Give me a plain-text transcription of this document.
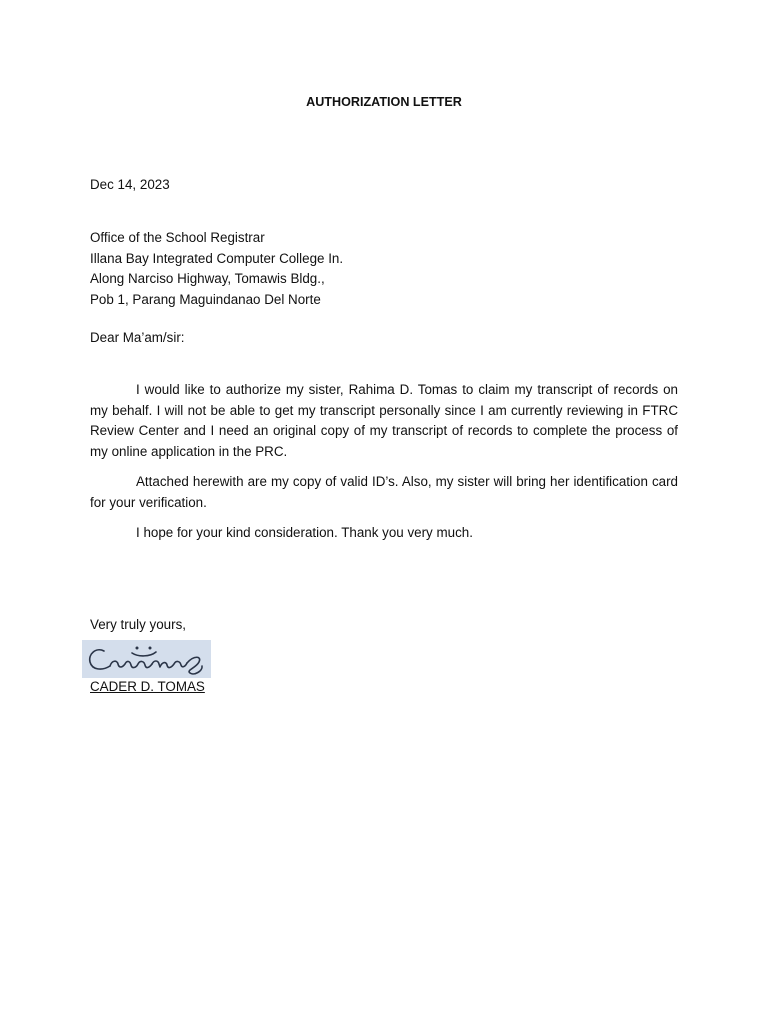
AUTHORIZATION LETTER
Dec 14, 2023
Office of the School Registrar
Illana Bay Integrated Computer College In.
Along Narciso Highway, Tomawis Bldg.,
Pob 1, Parang Maguindanao Del Norte
Dear Ma’am/sir:

I would like to authorize my sister, Rahima D. Tomas to claim my transcript of records on my behalf. I will not be able to get my transcript personally since I am currently reviewing in FTRC Review Center and I need an original copy of my transcript of records to complete the process of my online application in the PRC.

Attached herewith are my copy of valid ID’s. Also, my sister will bring her identification card for your verification.

I hope for your kind consideration. Thank you very much.

Very truly yours,
CADER D. TOMAS
